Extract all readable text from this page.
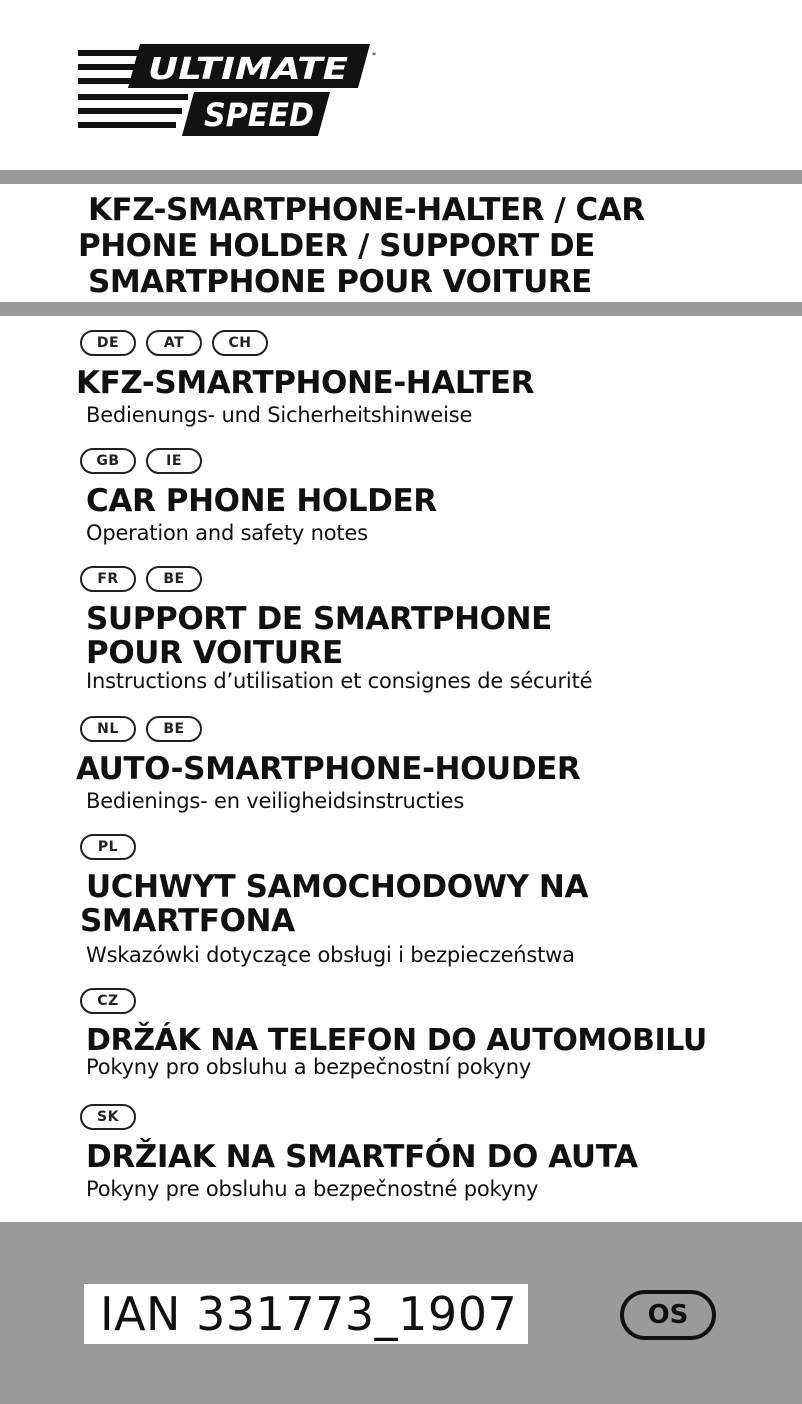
ULTIMATE
SPEED
*
KFZ-SMARTPHONE-HALTER / CAR
PHONE HOLDER / SUPPORT DE
SMARTPHONE POUR VOITURE
DE	AT	CH
KFZ-SMARTPHONE-HALTER

Bedienungs- und Sicherheitshinweise

GB	IE
CAR PHONE HOLDER

Operation and safety notes

FR	BE
SUPPORT DE SMARTPHONE
POUR VOITURE

Instructions d’utilisation et consignes de sécurité

NL	BE
AUTO-SMARTPHONE-HOUDER

Bedienings- en veiligheidsinstructies

PL
UCHWYT SAMOCHODOWY NA
SMARTFONA

Wskazówki dotyczące obsługi i bezpieczeństwa

CZ
DRŽÁK NA TELEFON DO AUTOMOBILU

Pokyny pro obsluhu a bezpečnostní pokyny

SK
DRŽIAK NA SMARTFÓN DO AUTA

Pokyny pre obsluhu a bezpečnostné pokyny

IAN 331773_1907	OS
